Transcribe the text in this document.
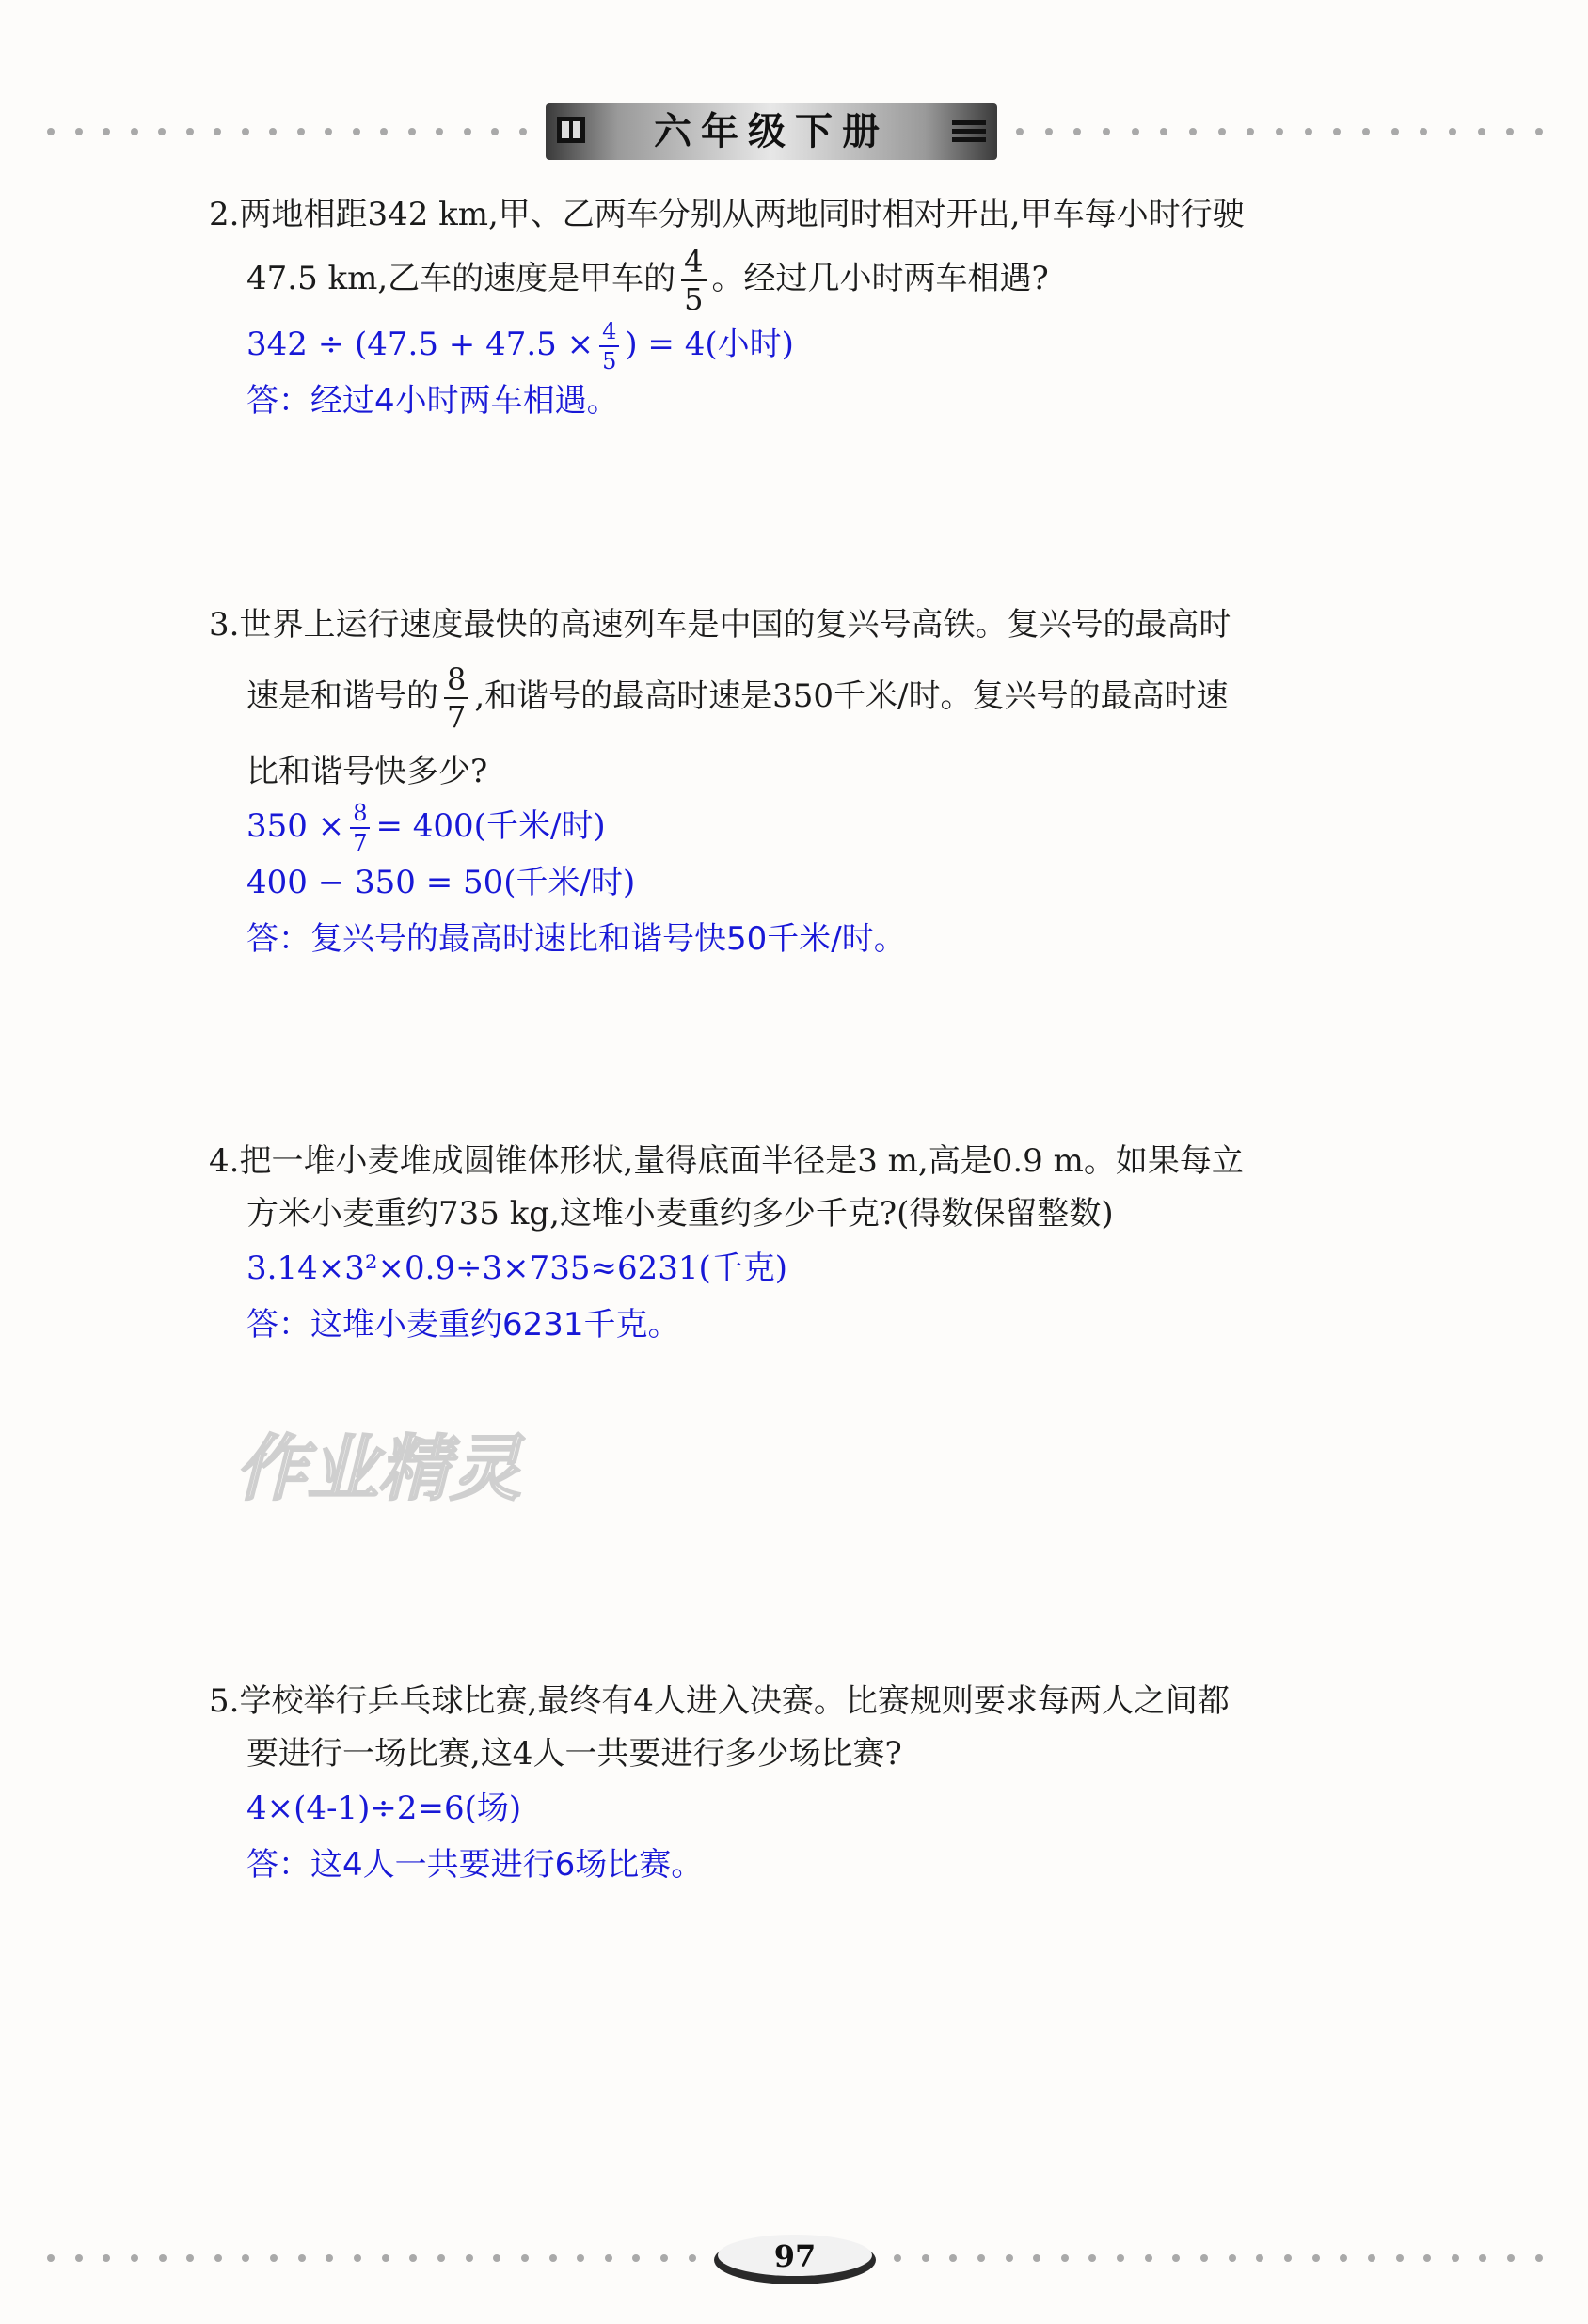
六年级下册

2.两地相距342 km,甲、乙两车分别从两地同时相对开出,甲车每小时行驶

47.5 km,乙车的速度是甲车的 $\frac{4}{5}$ 。经过几小时两车相遇?

$342 \div (47.5 + 47.5 \times \frac{4}{5}$ ) = 4(小时)
答：经过4小时两车相遇。

3.世界上运行速度最快的高速列车是中国的复兴号高铁。复兴号的最高时

速是和谐号的 $\frac{8}{7}$ ,和谐号的最高时速是350千米/时。复兴号的最高时速

比和谐号快多少?

$350 \times \frac{8}{7} = 400$(千米/时)
400 − 350 = 50(千米/时)
答：复兴号的最高时速比和谐号快50千米/时。

4.把一堆小麦堆成圆锥体形状,量得底面半径是3 m,高是0.9 m。如果每立

方米小麦重约735 kg,这堆小麦重约多少千克?(得数保留整数)

3.14×3²×0.9÷3×735≈6231(千克)
答：这堆小麦重约6231千克。
作业精灵

5.学校举行乒乓球比赛,最终有4人进入决赛。比赛规则要求每两人之间都

要进行一场比赛,这4人一共要进行多少场比赛?

4×(4-1)÷2=6(场)
答：这4人一共要进行6场比赛。
97
